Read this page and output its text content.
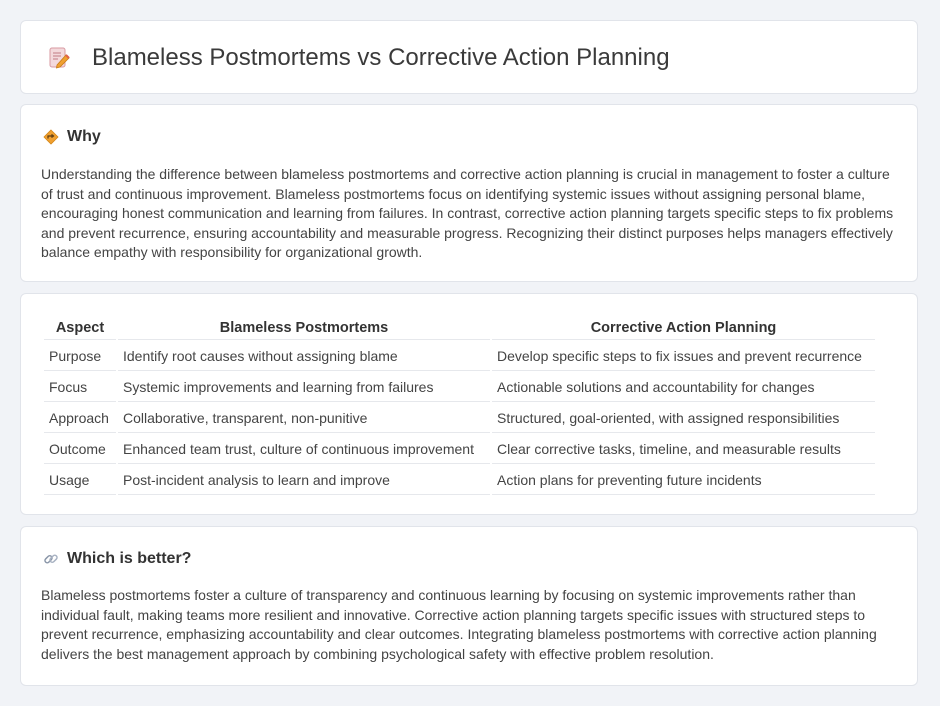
Blameless Postmortems vs Corrective Action Planning
Why

Understanding the difference between blameless postmortems and corrective action planning is crucial in management to foster a culture of trust and continuous improvement. Blameless postmortems focus on identifying systemic issues without assigning personal blame, encouraging honest communication and learning from failures. In contrast, corrective action planning targets specific steps to fix problems and prevent recurrence, ensuring accountability and measurable progress. Recognizing their distinct purposes helps managers effectively balance empathy with responsibility for organizational growth.

Aspect	Blameless Postmortems	Corrective Action Planning
Purpose	Identify root causes without assigning blame	Develop specific steps to fix issues and prevent recurrence
Focus	Systemic improvements and learning from failures	Actionable solutions and accountability for changes
Approach	Collaborative, transparent, non-punitive	Structured, goal-oriented, with assigned responsibilities
Outcome	Enhanced team trust, culture of continuous improvement	Clear corrective tasks, timeline, and measurable results
Usage	Post-incident analysis to learn and improve	Action plans for preventing future incidents
Which is better?

Blameless postmortems foster a culture of transparency and continuous learning by focusing on systemic improvements rather than individual fault, making teams more resilient and innovative. Corrective action planning targets specific issues with structured steps to prevent recurrence, emphasizing accountability and clear outcomes. Integrating blameless postmortems with corrective action planning delivers the best management approach by combining psychological safety with effective problem resolution.
